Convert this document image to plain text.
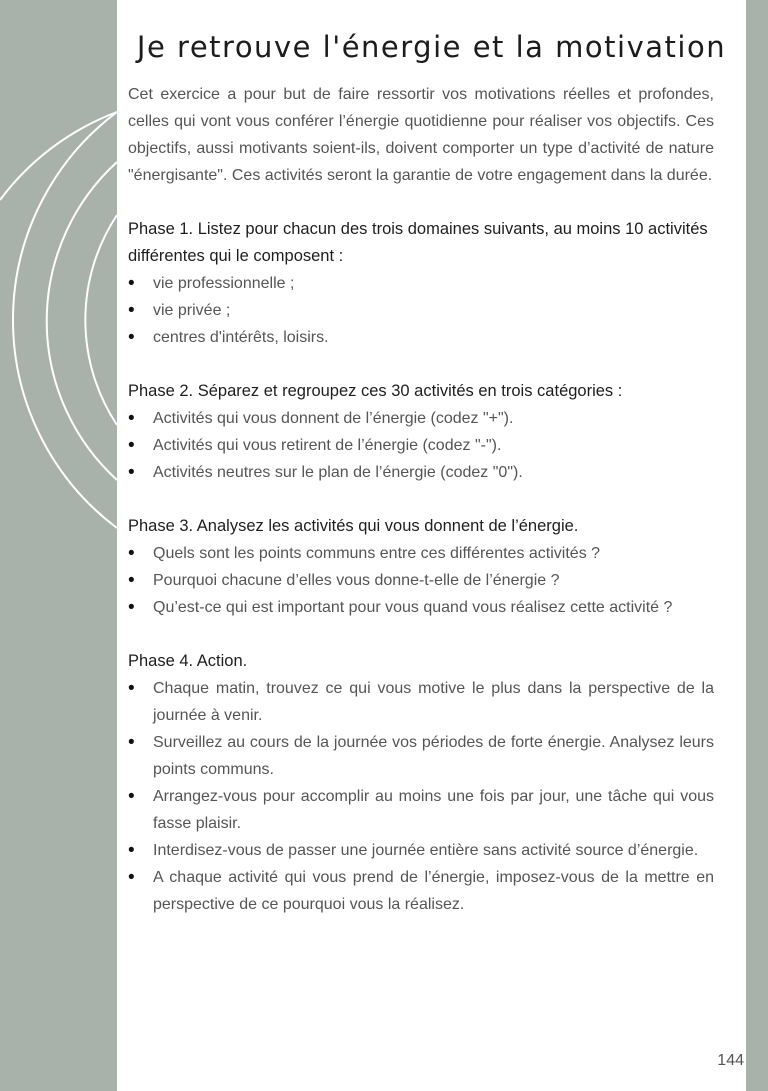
Je retrouve l'énergie et la motivation

Cet exercice a pour but de faire ressortir vos motivations réelles et profondes, celles qui vont vous conférer l’énergie quotidienne pour réaliser vos objectifs. Ces objectifs, aussi motivants soient-ils, doivent comporter un type d’activité de nature "énergisante". Ces activités seront la garantie de votre engagement dans la durée.

Phase 1. Listez pour chacun des trois domaines suivants, au moins 10 activités différentes qui le composent :

• vie professionnelle ;
• vie privée ;
• centres d'intérêts, loisirs.

Phase 2. Séparez et regroupez ces 30 activités en trois catégories :

• Activités qui vous donnent de l’énergie (codez "+").
• Activités qui vous retirent de l’énergie (codez "-").
• Activités neutres sur le plan de l’énergie (codez "0").

Phase 3. Analysez les activités qui vous donnent de l’énergie.

• Quels sont les points communs entre ces différentes activités ?
• Pourquoi chacune d’elles vous donne-t-elle de l’énergie ?
• Qu’est-ce qui est important pour vous quand vous réalisez cette activité ?

Phase 4. Action.

• Chaque matin, trouvez ce qui vous motive le plus dans la perspective de la journée à venir.
• Surveillez au cours de la journée vos périodes de forte énergie. Analysez leurs points communs.
• Arrangez-vous pour accomplir au moins une fois par jour, une tâche qui vous fasse plaisir.
• Interdisez-vous de passer une journée entière sans activité source d’énergie.
• A chaque activité qui vous prend de l’énergie, imposez-vous de la mettre en perspective de ce pourquoi vous la réalisez.
144
